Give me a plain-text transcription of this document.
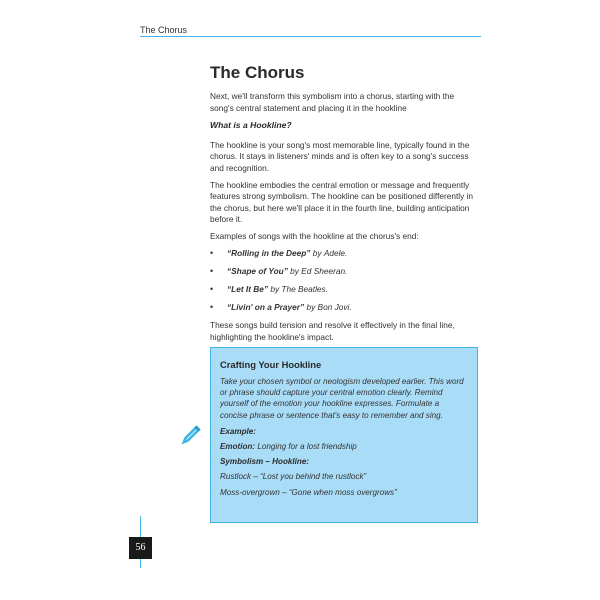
The Chorus
The Chorus

Next, we'll transform this symbolism into a chorus, starting with the song's central statement and placing it in the hookline

What is a Hookline?

The hookline is your song's most memorable line, typically found in the chorus. It stays in listeners' minds and is often key to a song's success and recognition.

The hookline embodies the central emotion or message and frequently features strong symbolism. The hookline can be positioned differently in the chorus, but here we'll place it in the fourth line, building anticipation before it.

Examples of songs with the hookline at the chorus's end:

• “Rolling in the Deep” by Adele.
• “Shape of You” by Ed Sheeran.
• “Let It Be” by The Beatles.
• “Livin' on a Prayer” by Bon Jovi.

These songs build tension and resolve it effectively in the final line, highlighting the hookline's impact.

Crafting Your Hookline
Take your chosen symbol or neologism developed earlier. This word or phrase should capture your central emotion clearly. Remind yourself of the emotion your hookline expresses. Formulate a concise phrase or sentence that's easy to remember and sing.
Example:
Emotion: Longing for a lost friendship
Symbolism – Hookline:
Rustlock – “Lost you behind the rustlock”
Moss-overgrown – “Gone when moss overgrows”
56
